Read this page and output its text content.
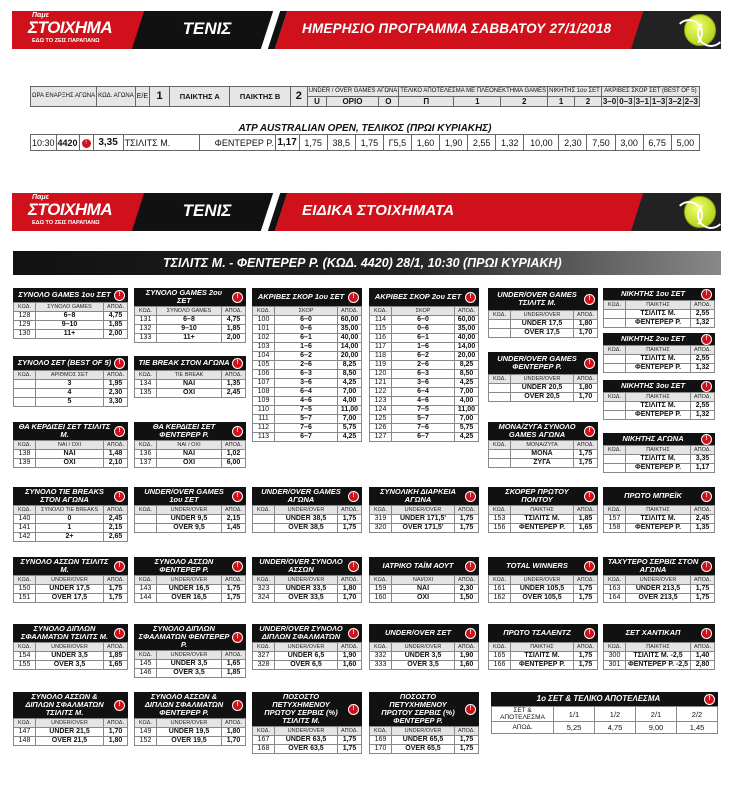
Παμε
ΣΤΟΙΧΗΜΑ
ΕΔΩ ΤΟ ΖΕΙΣ ΠΑΡΑΠΑΝΩ
ΤΕΝΙΣ	ΗΜΕΡΗΣΙΟ ΠΡΟΓΡΑΜΜΑ ΣΑΒΒΑΤΟΥ 27/1/2018
ΩΡΑ ΕΝΑΡΞΗΣ ΑΓΩΝΑ	ΚΩΔ. ΑΓΩΝΑ	Ε/Ε	1	ΠΑΙΚΤΗΣ Α	ΠΑΙΚΤΗΣ Β	2	UNDER / OVER GAMES ΑΓΩΝΑ			ΤΕΛΙΚΟ ΑΠΟΤΕΛΕΣΜΑ ΜΕ ΠΛΕΟΝΕΚΤΗΜΑ GAMES			ΝΙΚΗΤΗΣ 1ου ΣΕΤ		ΑΚΡΙΒΕΣ ΣΚΟΡ ΣΕΤ (BEST OF 5)					
							U	ΟΡΙΟ	O	Π	1	2	1	2	3–0	0–3	3–1	1–3	3–2	2–3
ATP AUSTRALIAN OPEN, ΤΕΛΙΚΟΣ (ΠΡΩΙ ΚΥΡΙΑΚΗΣ)
10:30	4420	!	3,35	ΤΣΙΛΙΤΣ Μ.	ΦΕΝΤΕΡΕΡ Ρ.	1,17	1,75	38,5	1,75	Γ5,5	1,60	1,90	2,55	1,32	10,00	2,30	7,50	3,00	6,75	5,00
Παμε
ΣΤΟΙΧΗΜΑ
ΕΔΩ ΤΟ ΖΕΙΣ ΠΑΡΑΠΑΝΩ
ΤΕΝΙΣ	ΕΙΔΙΚΑ ΣΤΟΙΧΗΜΑΤΑ
ΤΣΙΛΙΤΣ Μ. - ΦΕΝΤΕΡΕΡ Ρ. (ΚΩΔ. 4420) 28/1, 10:30 (ΠΡΩΙ ΚΥΡΙΑΚΗ)
ΣΥΝΟΛΟ GAMES 1ου ΣΕΤ	!
ΚΩΔ.	ΣΥΝΟΛΟ GAMES	ΑΠΟΔ.
128	6–8	4,75
129	9–10	1,85
130	11+	2,00
ΣΥΝΟΛΟ GAMES 2ου ΣΕΤ	!
ΚΩΔ.	ΣΥΝΟΛΟ GAMES	ΑΠΟΔ.
131	6–8	4,75
132	9–10	1,85
133	11+	2,00
ΑΚΡΙΒΕΣ ΣΚΟΡ 1ου ΣΕΤ	!
ΚΩΔ.	ΣΚΟΡ	ΑΠΟΔ.
100	6–0	60,00
101	0–6	35,00
102	6–1	40,00
103	1–6	14,00
104	6–2	20,00
105	2–6	8,25
106	6–3	8,50
107	3–6	4,25
108	6–4	7,00
109	4–6	4,00
110	7–5	11,00
111	5–7	7,00
112	7–6	5,75
113	6–7	4,25
ΑΚΡΙΒΕΣ ΣΚΟΡ 2ου ΣΕΤ	!
ΚΩΔ.	ΣΚΟΡ	ΑΠΟΔ.
114	6–0	60,00
115	0–6	35,00
116	6–1	40,00
117	1–6	14,00
118	6–2	20,00
119	2–6	8,25
120	6–3	8,50
121	3–6	4,25
122	6–4	7,00
123	4–6	4,00
124	7–5	11,00
125	5–7	7,00
126	7–6	5,75
127	6–7	4,25
UNDER/OVER GAMES ΤΣΙΛΙΤΣ Μ.	!
ΚΩΔ.	UNDER/OVER	ΑΠΟΔ.
	UNDER 17,5	1,80
	OVER 17,5	1,70
ΝΙΚΗΤΗΣ 1ου ΣΕΤ	!
ΚΩΔ.	ΠΑΙΚΤΗΣ	ΑΠΟΔ.
	ΤΣΙΛΙΤΣ Μ.	2,55
	ΦΕΝΤΕΡΕΡ Ρ.	1,32
ΣΥΝΟΛΟ ΣΕΤ (BEST OF 5)	!
ΚΩΔ.	ΑΡΙΘΜΟΣ ΣΕΤ	ΑΠΟΔ.
	3	1,95
	4	2,30
	5	3,30
ΤΙΕ BREAK ΣΤΟΝ ΑΓΩΝΑ	!
ΚΩΔ.	TIE BREAK	ΑΠΟΔ.
134	ΝΑΙ	1,35
135	ΟΧΙ	2,45
UNDER/OVER GAMES ΦΕΝΤΕΡΕΡ Ρ.	!
ΚΩΔ.	UNDER/OVER	ΑΠΟΔ.
	UNDER 20,5	1,80
	OVER 20,5	1,70
ΝΙΚΗΤΗΣ 2ου ΣΕΤ	!
ΚΩΔ.	ΠΑΙΚΤΗΣ	ΑΠΟΔ.
	ΤΣΙΛΙΤΣ Μ.	2,55
	ΦΕΝΤΕΡΕΡ Ρ.	1,32
ΝΙΚΗΤΗΣ 3ου ΣΕΤ	!
ΚΩΔ.	ΠΑΙΚΤΗΣ	ΑΠΟΔ.
	ΤΣΙΛΙΤΣ Μ.	2,55
	ΦΕΝΤΕΡΕΡ Ρ.	1,32
ΘΑ ΚΕΡΔΙΣΕΙ ΣΕΤ ΤΣΙΛΙΤΣ Μ.	!
ΚΩΔ.	ΝΑΙ / ΟΧΙ	ΑΠΟΔ.
138	ΝΑΙ	1,48
139	ΟΧΙ	2,10
ΘΑ ΚΕΡΔΙΣΕΙ ΣΕΤ ΦΕΝΤΕΡΕΡ Ρ.	!
ΚΩΔ.	ΝΑΙ / ΟΧΙ	ΑΠΟΔ.
136	ΝΑΙ	1,02
137	ΟΧΙ	6,00
ΜΟΝΑ/ΖΥΓΑ ΣΥΝΟΛΟ GAMES ΑΓΩΝΑ	!
ΚΩΔ.	ΜΟΝΑ/ΖΥΓΑ	ΑΠΟΔ.
	ΜΟΝΑ	1,75
	ΖΥΓΑ	1,75
ΝΙΚΗΤΗΣ ΑΓΩΝΑ	!
ΚΩΔ.	ΠΑΙΚΤΗΣ	ΑΠΟΔ.
	ΤΣΙΛΙΤΣ Μ.	3,35
	ΦΕΝΤΕΡΕΡ Ρ.	1,17
ΣΥΝΟΛΟ TIE BREAKS ΣΤΟΝ ΑΓΩΝΑ	!
ΚΩΔ.	ΣΥΝΟΛΟ TIE BREAKS	ΑΠΟΔ.
140	0	2,45
141	1	2,15
142	2+	2,65
UNDER/OVER GAMES 1ου ΣΕΤ	!
ΚΩΔ.	UNDER/OVER	ΑΠΟΔ.
	UNDER 9,5	2,15
	OVER 9,5	1,45
UNDER/OVER GAMES ΑΓΩΝΑ	!
ΚΩΔ.	UNDER/OVER	ΑΠΟΔ.
	UNDER 38,5	1,75
	OVER 38,5	1,75
ΣΥΝΟΛΙΚΗ ΔΙΑΡΚΕΙΑ ΑΓΩΝΑ	!
ΚΩΔ.	UNDER/OVER	ΑΠΟΔ.
319	UNDER 171,5'	1,75
320	OVER 171,5'	1,75
ΣΚΟΡΕΡ ΠΡΩΤΟΥ ΠΟΝΤΟΥ	!
ΚΩΔ.	ΠΑΙΚΤΗΣ	ΑΠΟΔ.
153	ΤΣΙΛΙΤΣ Μ.	1,85
156	ΦΕΝΤΕΡΕΡ Ρ.	1,65
ΠΡΩΤΟ ΜΠΡΕΪΚ	!
ΚΩΔ.	ΠΑΙΚΤΗΣ	ΑΠΟΔ.
157	ΤΣΙΛΙΤΣ Μ.	2,45
158	ΦΕΝΤΕΡΕΡ Ρ.	1,35
ΣΥΝΟΛΟ ΑΣΣΩΝ ΤΣΙΛΙΤΣ Μ.	!
ΚΩΔ.	UNDER/OVER	ΑΠΟΔ.
150	UNDER 17,5	1,75
151	OVER 17,5	1,75
ΣΥΝΟΛΟ ΑΣΣΩΝ ΦΕΝΤΕΡΕΡ Ρ.	!
ΚΩΔ.	UNDER/OVER	ΑΠΟΔ.
143	UNDER 16,5	1,75
144	OVER 16,5	1,75
UNDER/OVER ΣΥΝΟΛΟ ΑΣΣΩΝ	!
ΚΩΔ.	UNDER/OVER	ΑΠΟΔ.
323	UNDER 33,5	1,80
324	OVER 33,5	1,70
ΙΑΤΡΙΚΟ ΤΑΪΜ ΑΟΥΤ	!
ΚΩΔ.	ΝΑΙ/ΟΧΙ	ΑΠΟΔ.
159	ΝΑΙ	2,30
160	ΟΧΙ	1,50
TOTAL WINNERS	!
ΚΩΔ.	UNDER/OVER	ΑΠΟΔ.
161	UNDER 105,5	1,75
162	OVER 105,5	1,75
ΤΑΧΥΤΕΡΟ ΣΕΡΒΙΣ ΣΤΟΝ ΑΓΩΝΑ	!
ΚΩΔ.	UNDER/OVER	ΑΠΟΔ.
163	UNDER 213,5	1,75
164	OVER 213,5	1,75
ΣΥΝΟΛΟ ΔΙΠΛΩΝ ΣΦΑΛΜΑΤΩΝ ΤΣΙΛΙΤΣ Μ.	!
ΚΩΔ.	UNDER/OVER	ΑΠΟΔ.
154	UNDER 3,5	1,85
155	OVER 3,5	1,65
ΣΥΝΟΛΟ ΔΙΠΛΩΝ ΣΦΑΛΜΑΤΩΝ ΦΕΝΤΕΡΕΡ Ρ.
!
ΚΩΔ.	UNDER/OVER	ΑΠΟΔ.
145	UNDER 3,5	1,65
146	OVER 3,5	1,85
UNDER/OVER ΣΥΝΟΛΟ ΔΙΠΛΩΝ ΣΦΑΛΜΑΤΩΝ	!
ΚΩΔ.	UNDER/OVER	ΑΠΟΔ.
327	UNDER 6,5	1,90
328	OVER 6,5	1,60
UNDER/OVER ΣΕΤ	!
ΚΩΔ.	UNDER/OVER	ΑΠΟΔ.
332	UNDER 3,5	1,90
333	OVER 3,5	1,60
ΠΡΩΤΟ ΤΣΑΛΕΝΤΖ	!
ΚΩΔ.	ΠΑΙΚΤΗΣ	ΑΠΟΔ.
165	ΤΣΙΛΙΤΣ Μ.	1,75
166	ΦΕΝΤΕΡΕΡ Ρ.	1,75
ΣΕΤ ΧΑΝΤΙΚΑΠ	!
ΚΩΔ.	ΠΑΙΚΤΗΣ	ΑΠΟΔ.
300	ΤΣΙΛΙΤΣ Μ. -2,5	1,40
301	ΦΕΝΤΕΡΕΡ Ρ. -2,5	2,80
ΣΥΝΟΛΟ ΑΣΣΩΝ & ΔΙΠΛΩΝ ΣΦΑΛΜΑΤΩΝ ΤΣΙΛΙΤΣ Μ.
!
ΚΩΔ.	UNDER/OVER	ΑΠΟΔ.
147	UNDER 21,5	1,70
148	OVER 21,5	1,80
ΣΥΝΟΛΟ ΑΣΣΩΝ & ΔΙΠΛΩΝ ΣΦΑΛΜΑΤΩΝ ΦΕΝΤΕΡΕΡ Ρ.
!
ΚΩΔ.	UNDER/OVER	ΑΠΟΔ.
149	UNDER 19,5	1,80
152	OVER 19,5	1,70
ΠΟΣΟΣΤΟ ΠΕΤΥΧΗΜΕΝΟΥ ΠΡΩΤΟΥ ΣΕΡΒΙΣ (%) ΤΣΙΛΙΤΣ Μ.
!
ΚΩΔ.	UNDER/OVER	ΑΠΟΔ.
167	UNDER 63,5	1,75
168	OVER 63,5	1,75
ΠΟΣΟΣΤΟ ΠΕΤΥΧΗΜΕΝΟΥ ΠΡΩΤΟΥ ΣΕΡΒΙΣ (%) ΦΕΝΤΕΡΕΡ Ρ.
!
ΚΩΔ.	UNDER/OVER	ΑΠΟΔ.
169	UNDER 65,5	1,75
170	OVER 65,5	1,75
1ο ΣΕΤ & ΤΕΛΙΚΟ ΑΠΟΤΕΛΕΣΜΑ	!
ΣΕΤ & ΑΠΟΤΕΛΕΣΜΑ	1/1	1/2	2/1	2/2
ΑΠΟΔ.	5,25	4,75	9,00	1,45
